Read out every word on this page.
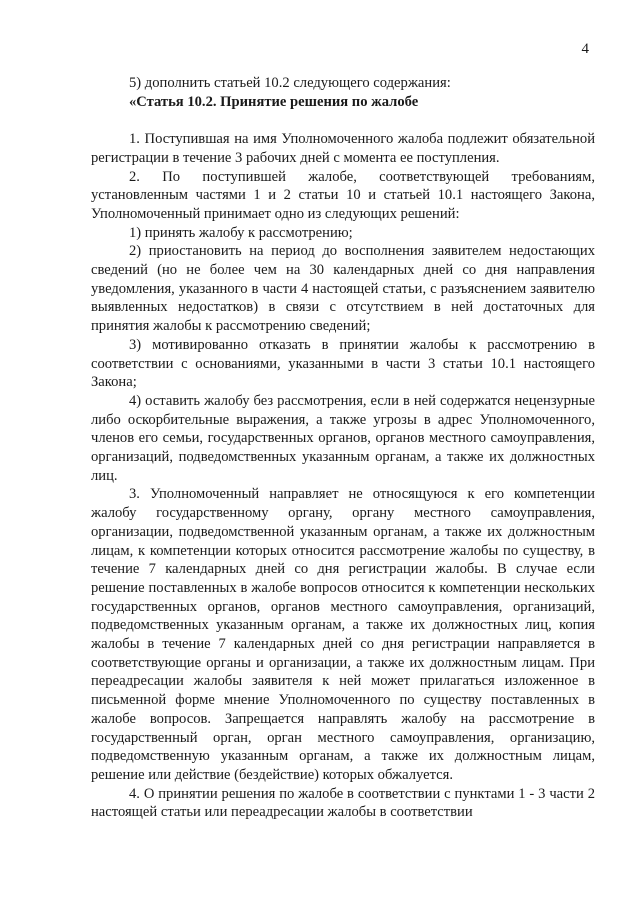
4

5) дополнить статьей 10.2 следующего содержания:

«Статья 10.2. Принятие решения по жалобе

1. Поступившая на имя Уполномоченного жалоба подлежит обязательной регистрации в течение 3 рабочих дней с момента ее поступления.

2. По поступившей жалобе, соответствующей требованиям, установленным частями 1 и 2 статьи 10 и статьей 10.1 настоящего Закона, Уполномоченный принимает одно из следующих решений:

1) принять жалобу к рассмотрению;

2) приостановить на период до восполнения заявителем недостающих сведений (но не более чем на 30 календарных дней со дня направления уведомления, указанного в части 4 настоящей статьи, с разъяснением заявителю выявленных недостатков) в связи с отсутствием в ней достаточных для принятия жалобы к рассмотрению сведений;

3) мотивированно отказать в принятии жалобы к рассмотрению в соответствии с основаниями, указанными в части 3 статьи 10.1 настоящего Закона;

4) оставить жалобу без рассмотрения, если в ней содержатся нецензурные либо оскорбительные выражения, а также угрозы в адрес Уполномоченного, членов его семьи, государственных органов, органов местного самоуправления, организаций, подведомственных указанным органам, а также их должностных лиц.

3. Уполномоченный направляет не относящуюся к его компетенции жалобу государственному органу, органу местного самоуправления, организации, подведомственной указанным органам, а также их должностным лицам, к компетенции которых относится рассмотрение жалобы по существу, в течение 7 календарных дней со дня регистрации жалобы. В случае если решение поставленных в жалобе вопросов относится к компетенции нескольких государственных органов, органов местного самоуправления, организаций, подведомственных указанным органам, а также их должностных лиц, копия жалобы в течение 7 календарных дней со дня регистрации направляется в соответствующие органы и организации, а также их должностным лицам. При переадресации жалобы заявителя к ней может прилагаться изложенное в письменной форме мнение Уполномоченного по существу поставленных в жалобе вопросов. Запрещается направлять жалобу на рассмотрение в государственный орган, орган местного самоуправления, организацию, подведомственную указанным органам, а также их должностным лицам, решение или действие (бездействие) которых обжалуется.

4. О принятии решения по жалобе в соответствии с пунктами 1 - 3 части 2 настоящей статьи или переадресации жалобы в соответствии
